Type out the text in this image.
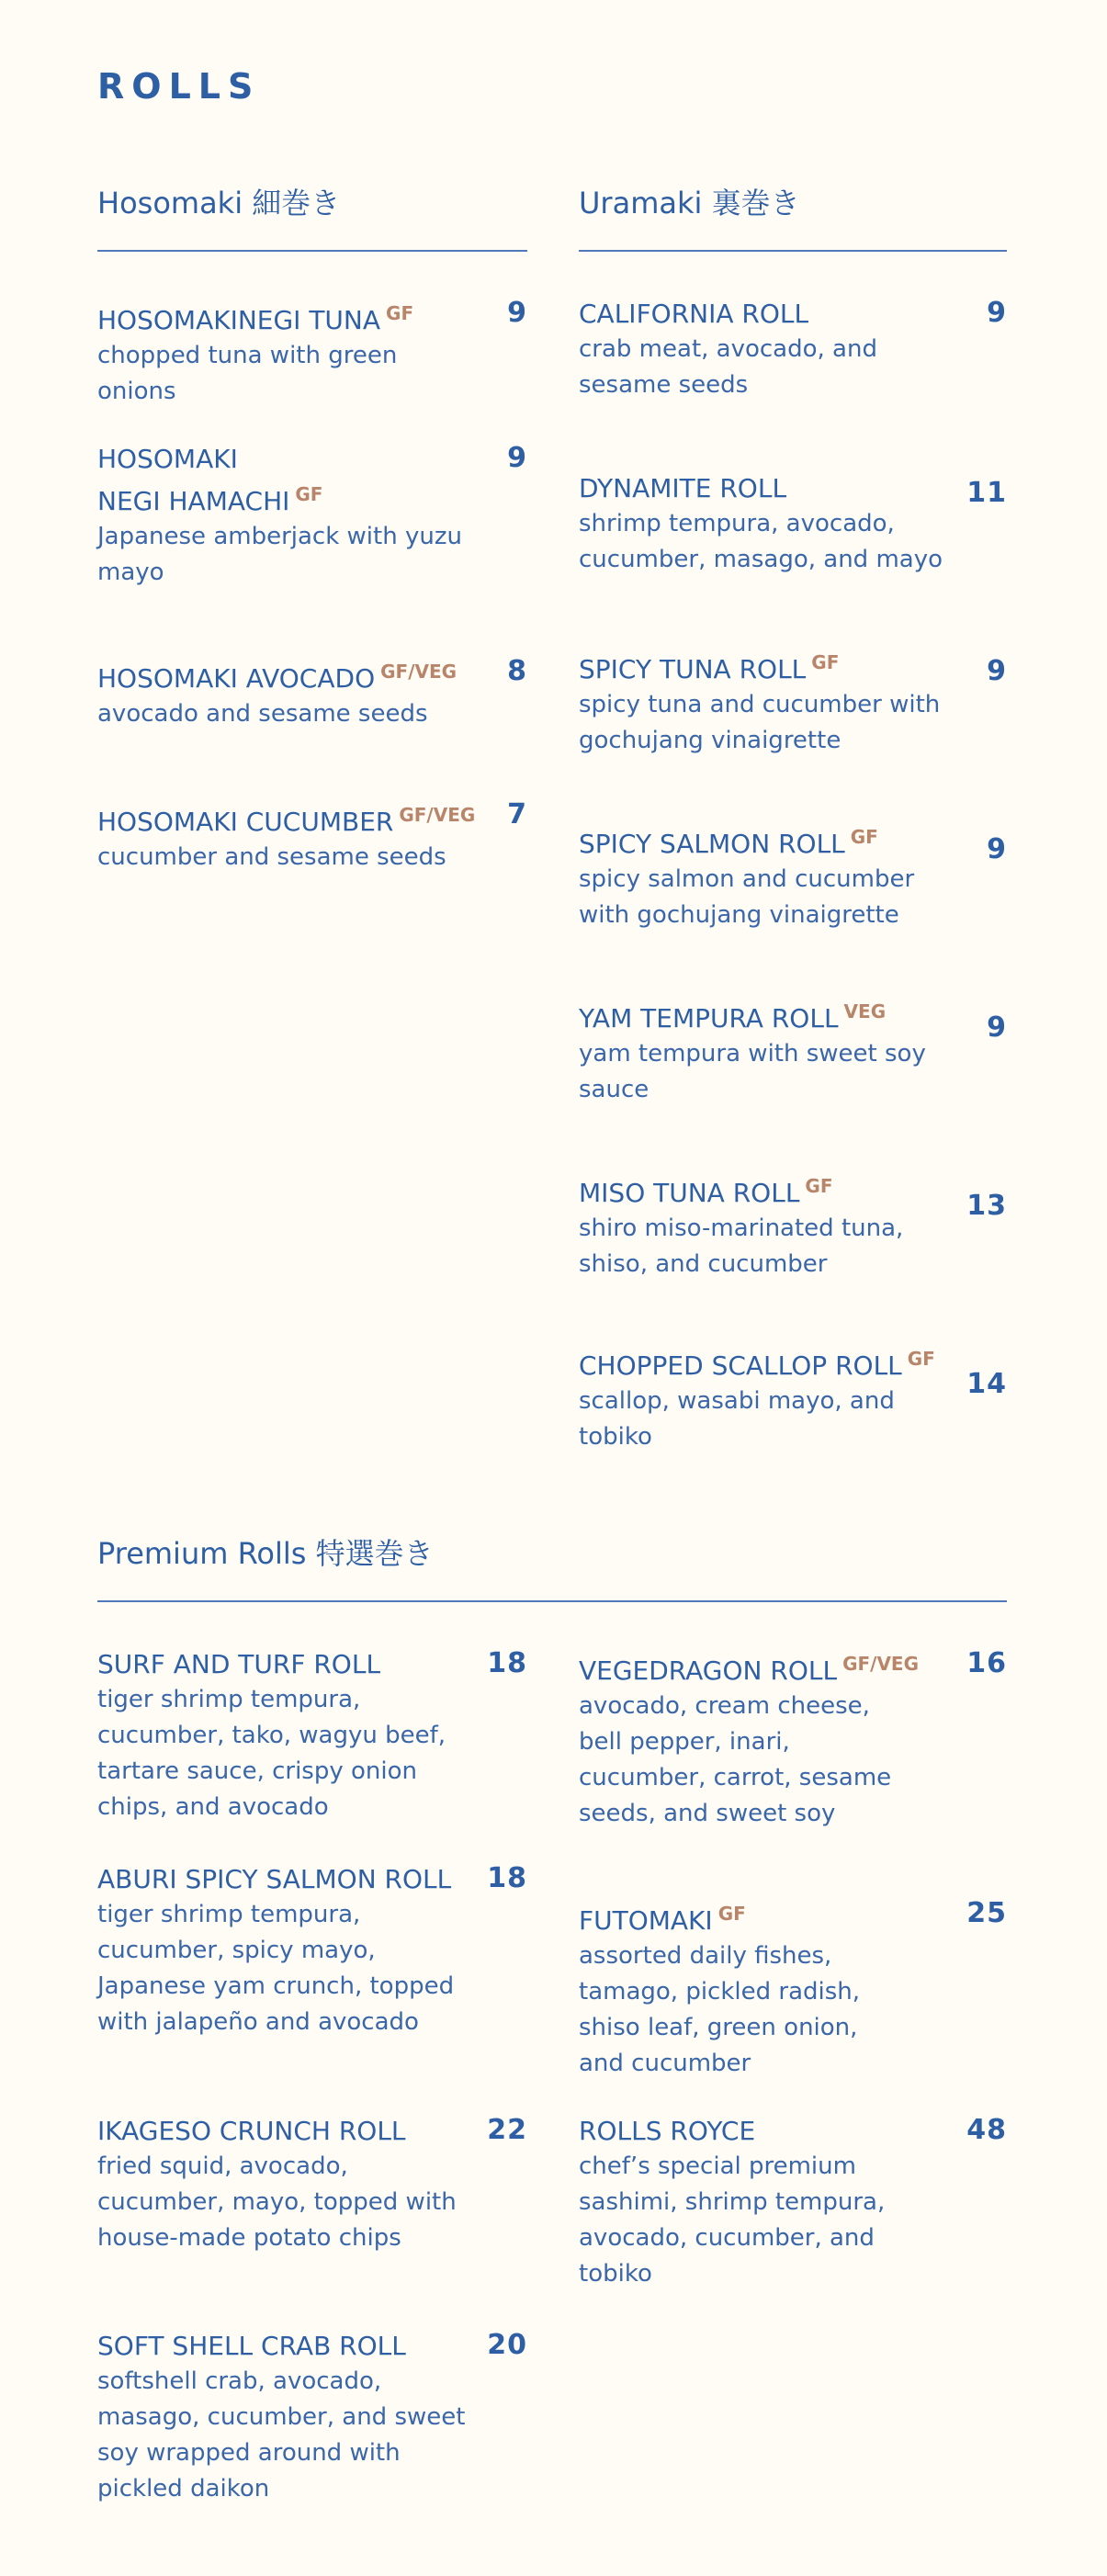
ROLLS
Hosomaki 細巻き	Uramaki 裏巻き
HOSOMAKINEGI TUNA $^{GF}$
chopped tuna with green onions
9
HOSOMAKI
NEGI HAMACHI $^{GF}$
Japanese amberjack with yuzu mayo
9
HOSOMAKI AVOCADO $^{GF/VEG}$
avocado and sesame seeds
8
HOSOMAKI CUCUMBER $^{GF/VEG}$
cucumber and sesame seeds
7
CALIFORNIA ROLL
crab meat, avocado, and sesame seeds
9
DYNAMITE ROLL
shrimp tempura, avocado, cucumber, masago, and mayo
11
SPICY TUNA ROLL $^{GF}$
spicy tuna and cucumber with gochujang vinaigrette
9
SPICY SALMON ROLL $^{GF}$
spicy salmon and cucumber with gochujang vinaigrette
9
YAM TEMPURA ROLL $^{VEG}$
yam tempura with sweet soy sauce
9
MISO TUNA ROLL $^{GF}$
shiro miso-marinated tuna, shiso, and cucumber
13
CHOPPED SCALLOP ROLL $^{GF}$
scallop, wasabi mayo, and tobiko
14
Premium Rolls 特選巻き
SURF AND TURF ROLL
tiger shrimp tempura, cucumber, tako, wagyu beef, tartare sauce, crispy onion chips, and avocado
18
ABURI SPICY SALMON ROLL
tiger shrimp tempura, cucumber, spicy mayo, Japanese yam crunch, topped with jalapeño and avocado
18
IKAGESO CRUNCH ROLL
fried squid, avocado, cucumber, mayo, topped with house-made potato chips
22
SOFT SHELL CRAB ROLL
softshell crab, avocado, masago, cucumber, and sweet soy wrapped around with pickled daikon
20
VEGEDRAGON ROLL $^{GF/VEG}$
avocado, cream cheese, bell pepper, inari, cucumber, carrot, sesame seeds, and sweet soy
16
FUTOMAKI $^{GF}$
assorted daily fishes, tamago, pickled radish, shiso leaf, green onion, and cucumber
25
ROLLS ROYCE
chef’s special premium sashimi, shrimp tempura, avocado, cucumber, and tobiko
48
